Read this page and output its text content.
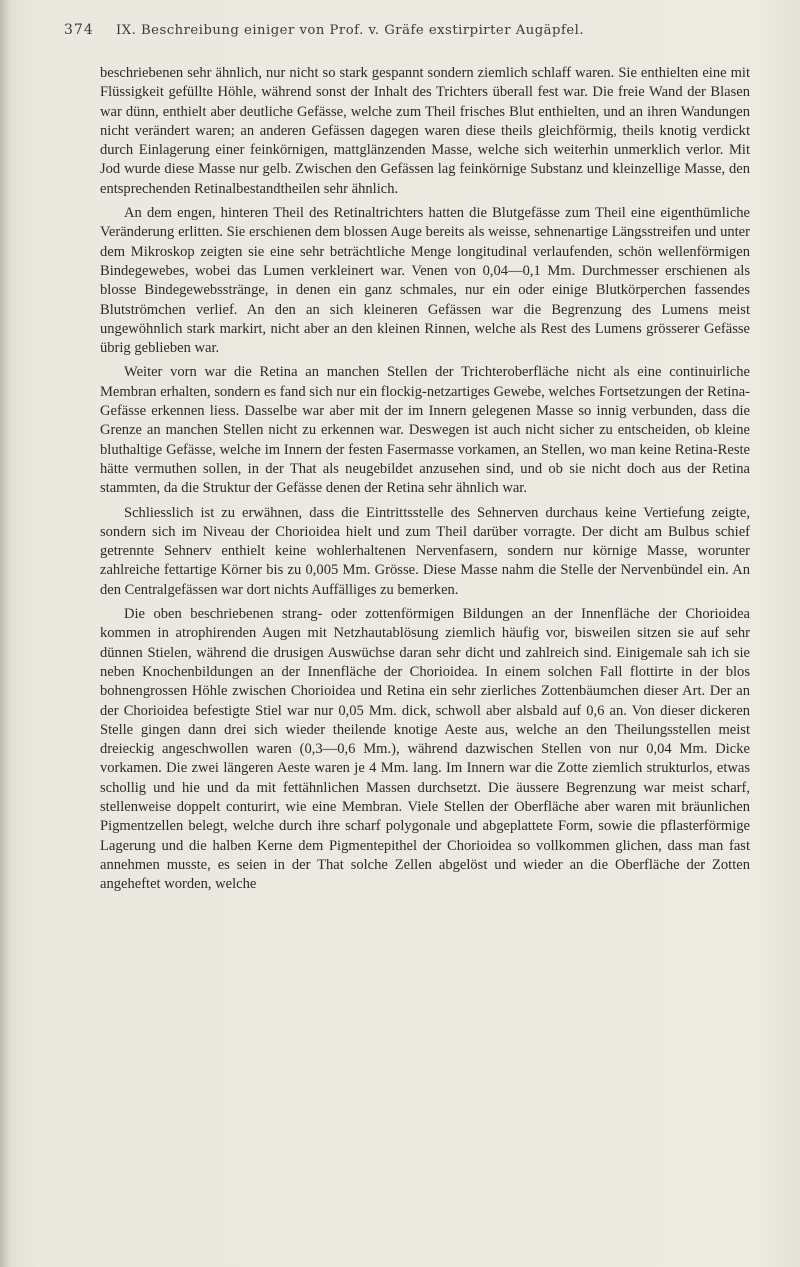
374 IX. Beschreibung einiger von Prof. v. Gräfe exstirpirter Augäpfel.

beschriebenen sehr ähnlich, nur nicht so stark gespannt sondern ziemlich schlaff waren. Sie enthielten eine mit Flüssigkeit gefüllte Höhle, während sonst der Inhalt des Trichters überall fest war. Die freie Wand der Blasen war dünn, enthielt aber deutliche Gefässe, welche zum Theil frisches Blut enthielten, und an ihren Wandungen nicht verändert waren; an anderen Gefässen dagegen waren diese theils gleichförmig, theils knotig verdickt durch Einlagerung einer feinkörnigen, mattglänzenden Masse, welche sich weiterhin unmerklich verlor. Mit Jod wurde diese Masse nur gelb. Zwischen den Gefässen lag feinkörnige Substanz und kleinzellige Masse, den entsprechenden Retinalbestandtheilen sehr ähnlich.

An dem engen, hinteren Theil des Retinaltrichters hatten die Blutgefässe zum Theil eine eigenthümliche Veränderung erlitten. Sie erschienen dem blossen Auge bereits als weisse, sehnenartige Längsstreifen und unter dem Mikroskop zeigten sie eine sehr beträchtliche Menge longitudinal verlaufenden, schön wellenförmigen Bindegewebes, wobei das Lumen verkleinert war. Venen von 0,04—0,1 Mm. Durchmesser erschienen als blosse Bindegewebsstränge, in denen ein ganz schmales, nur ein oder einige Blutkörperchen fassendes Blutströmchen verlief. An den an sich kleineren Gefässen war die Begrenzung des Lumens meist ungewöhnlich stark markirt, nicht aber an den kleinen Rinnen, welche als Rest des Lumens grösserer Gefässe übrig geblieben war.

Weiter vorn war die Retina an manchen Stellen der Trichteroberfläche nicht als eine continuirliche Membran erhalten, sondern es fand sich nur ein flockig-netzartiges Gewebe, welches Fortsetzungen der Retina-Gefässe erkennen liess. Dasselbe war aber mit der im Innern gelegenen Masse so innig verbunden, dass die Grenze an manchen Stellen nicht zu erkennen war. Deswegen ist auch nicht sicher zu entscheiden, ob kleine bluthaltige Gefässe, welche im Innern der festen Fasermasse vorkamen, an Stellen, wo man keine Retina-Reste hätte vermuthen sollen, in der That als neugebildet anzusehen sind, und ob sie nicht doch aus der Retina stammten, da die Struktur der Gefässe denen der Retina sehr ähnlich war.

Schliesslich ist zu erwähnen, dass die Eintrittsstelle des Sehnerven durchaus keine Vertiefung zeigte, sondern sich im Niveau der Chorioidea hielt und zum Theil darüber vorragte. Der dicht am Bulbus schief getrennte Sehnerv enthielt keine wohlerhaltenen Nervenfasern, sondern nur körnige Masse, worunter zahlreiche fettartige Körner bis zu 0,005 Mm. Grösse. Diese Masse nahm die Stelle der Nervenbündel ein. An den Centralgefässen war dort nichts Auffälliges zu bemerken.

Die oben beschriebenen strang- oder zottenförmigen Bildungen an der Innenfläche der Chorioidea kommen in atrophirenden Augen mit Netzhautablösung ziemlich häufig vor, bisweilen sitzen sie auf sehr dünnen Stielen, während die drusigen Auswüchse daran sehr dicht und zahlreich sind. Einigemale sah ich sie neben Knochenbildungen an der Innenfläche der Chorioidea. In einem solchen Fall flottirte in der blos bohnengrossen Höhle zwischen Chorioidea und Retina ein sehr zierliches Zottenbäumchen dieser Art. Der an der Chorioidea befestigte Stiel war nur 0,05 Mm. dick, schwoll aber alsbald auf 0,6 an. Von dieser dickeren Stelle gingen dann drei sich wieder theilende knotige Aeste aus, welche an den Theilungsstellen meist dreieckig angeschwollen waren (0,3—0,6 Mm.), während dazwischen Stellen von nur 0,04 Mm. Dicke vorkamen. Die zwei längeren Aeste waren je 4 Mm. lang. Im Innern war die Zotte ziemlich strukturlos, etwas schollig und hie und da mit fettähnlichen Massen durchsetzt. Die äussere Begrenzung war meist scharf, stellenweise doppelt conturirt, wie eine Membran. Viele Stellen der Oberfläche aber waren mit bräunlichen Pigmentzellen belegt, welche durch ihre scharf polygonale und abgeplattete Form, sowie die pflasterförmige Lagerung und die halben Kerne dem Pigmentepithel der Chorioidea so vollkommen glichen, dass man fast annehmen musste, es seien in der That solche Zellen abgelöst und wieder an die Oberfläche der Zotten angeheftet worden, welche
